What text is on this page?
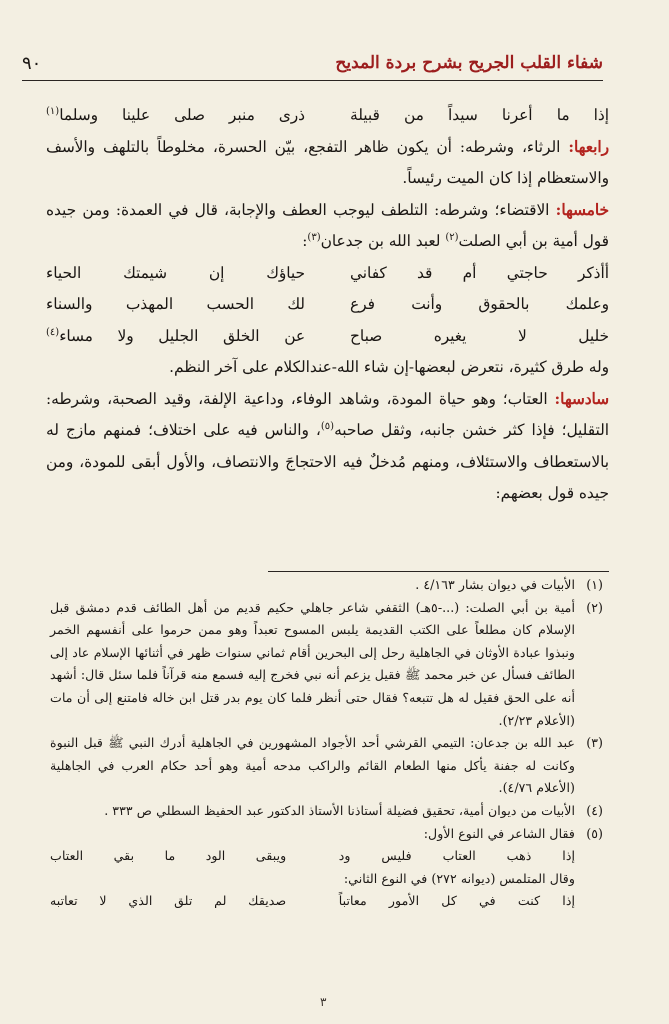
٩٠	شفاء القلب الجريح بشرح بردة المديح
إذا ما أعرنا سيداً من قبيلة
ذرى منبر صلى علينا وسلما$^{(١)}$

رابعها: الرثاء، وشرطه: أن يكون ظاهر التفجع، بيّن الحسرة، مخلوطاً بالتلهف والأسف والاستعظام إذا كان الميت رئيساً.

خامسها: الاقتضاء؛ وشرطه: التلطف ليوجب العطف والإجابة، قال في العمدة: ومن جيده قول أمية بن أبي الصلت$^{(٢)}$ لعبد الله بن جدعان$^{(٣)}$:

أأذكر حاجتي أم قد كفاني
حياؤك إن شيمتك الحياء
وعلمك بالحقوق وأنت فرع
لك الحسب المهذب والسناء
خليل لا يغيره صباح
عن الخلق الجليل ولا مساء$^{(٤)}$

وله طرق كثيرة، نتعرض لبعضها-إن شاء الله-عندالكلام على آخر النظم.

سادسها: العتاب؛ وهو حياة المودة، وشاهد الوفاء، وداعية الإلفة، وقيد الصحبة، وشرطه: التقليل؛ فإذا كثر خشن جانبه، وثقل صاحبه$^{(٥)}$، والناس فيه على اختلاف؛ فمنهم مازج له بالاستعطاف والاستئلاف، ومنهم مُدخلٌ فيه الاحتجاجَ والانتصاف، والأول أبقى للمودة، ومن جيده قول بعضهم:

(١)
الأبيات في ديوان بشار ٤/١٦٣ .
(٢)
أمية بن أبي الصلت: (...-٥هـ) الثقفي شاعر جاهلي حكيم قديم من أهل الطائف قدم دمشق قبل الإسلام كان مطلعاً على الكتب القديمة يلبس المسوح تعبداً وهو ممن حرموا على أنفسهم الخمر ونبذوا عبادة الأوثان في الجاهلية رحل إلى البحرين أقام ثماني سنوات ظهر في أثنائها الإسلام عاد إلى الطائف فسأل عن خبر محمد ﷺ فقيل يزعم أنه نبي فخرج إليه فسمع منه قرآناً فلما سئل قال: أشهد أنه على الحق فقيل له هل تتبعه؟ فقال حتى أنظر فلما كان يوم بدر قتل ابن خاله فامتنع إلى أن مات (الأعلام ٢/٢٣).
(٣)
عبد الله بن جدعان: التيمي القرشي أحد الأجواد المشهورين في الجاهلية أدرك النبي ﷺ قبل النبوة وكانت له جفنة يأكل منها الطعام القائم والراكب مدحه أمية وهو أحد حكام العرب في الجاهلية (الأعلام ٤/٧٦).
(٤)
الأبيات من ديوان أمية، تحقيق فضيلة أستاذنا الأستاذ الدكتور عبد الحفيظ السطلي ص ٣٣٣ .
(٥)
فقال الشاعر في النوع الأول:
إذا ذهب العتاب فليس ود
ويبقى الود ما بقي العتاب
وقال المتلمس (ديوانه ٢٧٢) في النوع الثاني:
إذا كنت في كل الأمور معاتباً
صديقك لم تلق الذي لا تعاتبه
٣
